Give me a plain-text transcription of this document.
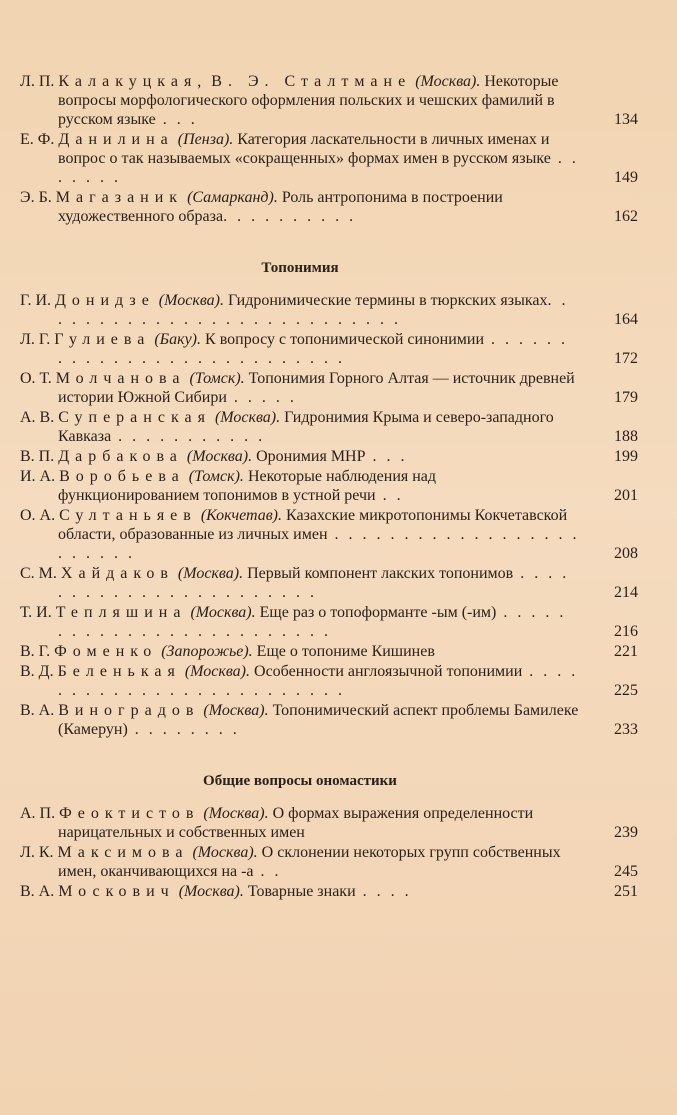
Л. П. Калакуцкая, В. Э. Сталтмане (Москва). Некоторые вопросы морфологического оформления польских и чешских фамилий в русском языке . . .	134
Е. Ф. Данилина (Пенза). Категория ласкательности в личных именах и вопрос о так называемых «сокращенных» формах имен в русском языке . . . . . . .	149
Э. Б. Магазаник (Самарканд). Роль антропонима в построении художественного образа. . . . . . . . . .	162
Топонимия
Г. И. Донидзе (Москва). Гидронимические термины в тюркских языках. . . . . . . . . . . . . . . . . . . . . . . . . . .	164
Л. Г. Гулиева (Баку). К вопросу с топонимической синонимии . . . . . . . . . . . . . . . . . . . . . . . . . . .	172
О. Т. Молчанова (Томск). Топонимия Горного Алтая — источник древней истории Южной Сибири . . . . .	179
А. В. Суперанская (Москва). Гидронимия Крыма и северо-западного Кавказа . . . . . . . . . . .	188
В. П. Дарбакова (Москва). Оронимия МНР . . .	199
И. А. Воробьева (Томск). Некоторые наблюдения над функционированием топонимов в устной речи . .	201
О. А. Султаньяев (Кокчетав). Казахские микротопонимы Кокчетавской области, образованные из личных имен . . . . . . . . . . . . . . . . . . . . . . . .	208
С. М. Хайдаков (Москва). Первый компонент лакских топонимов . . . . . . . . . . . . . . . . . . . . . . .	214
Т. И. Тепляшина (Москва). Еще раз о топоформанте -ым (-им) . . . . . . . . . . . . . . . . . . . . . . . . .	216
В. Г. Фоменко (Запорожье). Еще о топониме Кишинев	221
В. Д. Беленькая (Москва). Особенности англоязычной топонимии . . . . . . . . . . . . . . . . . . . . . . . . .	225
В. А. Виноградов (Москва). Топонимический аспект проблемы Бамилеке (Камерун) . . . . . . . .	233
Общие вопросы ономастики
А. П. Феоктистов (Москва). О формах выражения определенности нарицательных и собственных имен	239
Л. К. Максимова (Москва). О склонении некоторых групп собственных имен, оканчивающихся на -а . .	245
В. А. Москович (Москва). Товарные знаки . . . .	251
